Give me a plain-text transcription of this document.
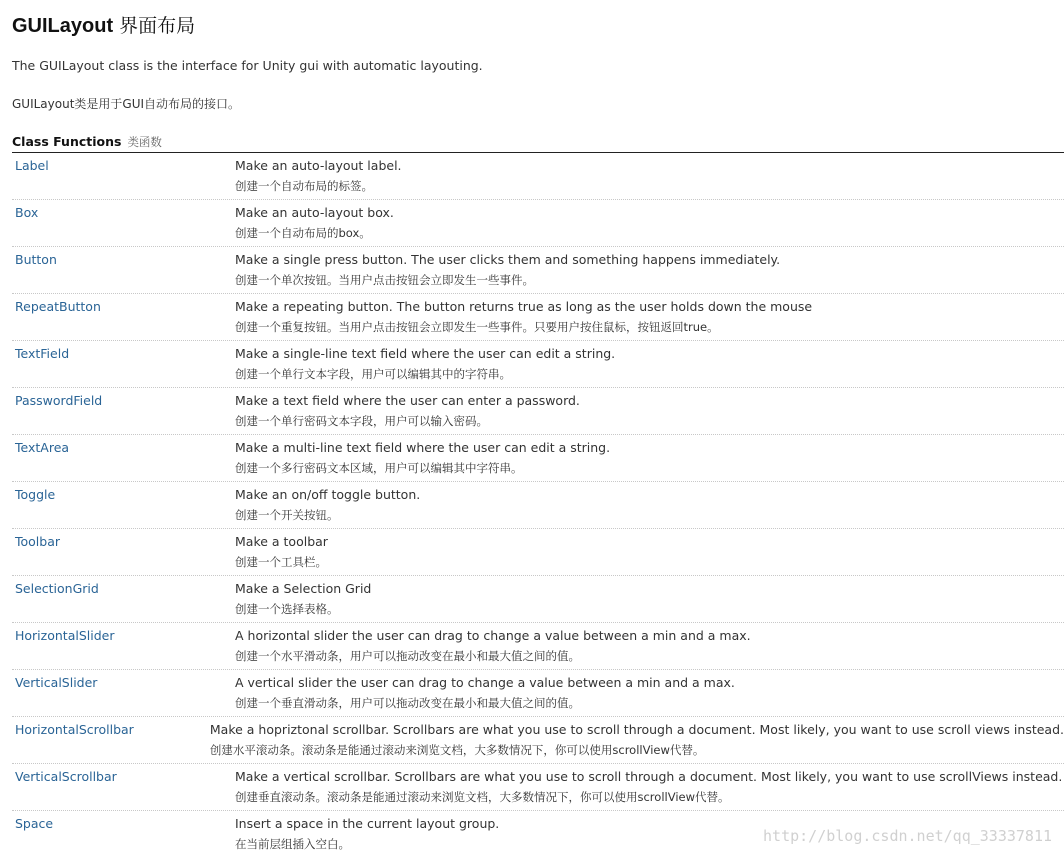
GUILayout 界面布局
The GUILayout class is the interface for Unity gui with automatic layouting.
GUILayout类是用于GUI自动布局的接口。
Class Functions 类函数
Label	Make an auto-layout label.
创建一个自动布局的标签。
Box	Make an auto-layout box.
创建一个自动布局的box。
Button	Make a single press button. The user clicks them and something happens immediately.
创建一个单次按钮。当用户点击按钮会立即发生一些事件。
RepeatButton	Make a repeating button. The button returns true as long as the user holds down the mouse
创建一个重复按钮。当用户点击按钮会立即发生一些事件。只要用户按住鼠标，按钮返回true。
TextField	Make a single-line text field where the user can edit a string.
创建一个单行文本字段，用户可以编辑其中的字符串。
PasswordField	Make a text field where the user can enter a password.
创建一个单行密码文本字段，用户可以输入密码。
TextArea	Make a multi-line text field where the user can edit a string.
创建一个多行密码文本区域，用户可以编辑其中字符串。
Toggle	Make an on/off toggle button.
创建一个开关按钮。
Toolbar	Make a toolbar
创建一个工具栏。
SelectionGrid	Make a Selection Grid
创建一个选择表格。
HorizontalSlider	A horizontal slider the user can drag to change a value between a min and a max.
创建一个水平滑动条，用户可以拖动改变在最小和最大值之间的值。
VerticalSlider	A vertical slider the user can drag to change a value between a min and a max.
创建一个垂直滑动条，用户可以拖动改变在最小和最大值之间的值。
HorizontalScrollbar	Make a hopriztonal scrollbar. Scrollbars are what you use to scroll through a document. Most likely, you want to use scroll views instead.
创建水平滚动条。滚动条是能通过滚动来浏览文档，大多数情况下，你可以使用scrollView代替。
VerticalScrollbar	Make a vertical scrollbar. Scrollbars are what you use to scroll through a document. Most likely, you want to use scrollViews instead.
创建垂直滚动条。滚动条是能通过滚动来浏览文档，大多数情况下，你可以使用scrollView代替。
Space	Insert a space in the current layout group.
在当前层组插入空白。	http://blog.csdn.net/qq_33337811
